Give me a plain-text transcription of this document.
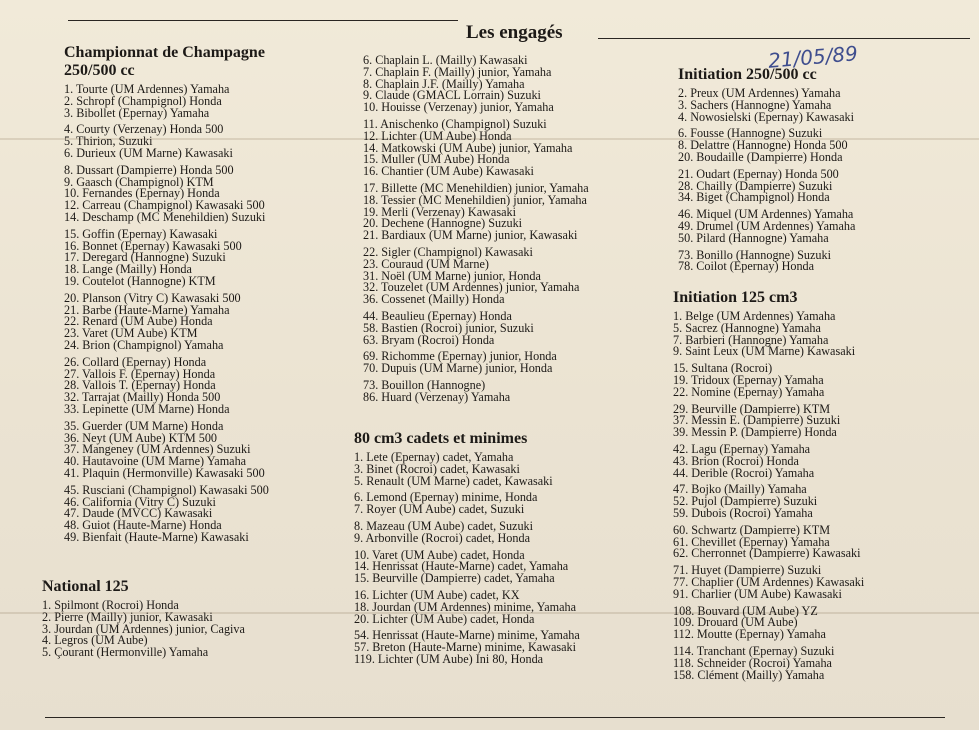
Les engagés
21/05/89
Championnat de Champagne
250/500 cc
1. Tourte (UM Ardennes) Yamaha
2. Schropf (Champignol) Honda
3. Bibollet (Epernay) Yamaha
4. Courty (Verzenay) Honda 500
5. Thirion, Suzuki
6. Durieux (UM Marne) Kawasaki
8. Dussart (Dampierre) Honda 500
9. Gaasch (Champignol) KTM
10. Fernandes (Epernay) Honda
12. Carreau (Champignol) Kawasaki 500
14. Deschamp (MC Menehildien) Suzuki
15. Goffin (Epernay) Kawasaki
16. Bonnet (Epernay) Kawasaki 500
17. Deregard (Hannogne) Suzuki
18. Lange (Mailly) Honda
19. Coutelot (Hannogne) KTM
20. Planson (Vitry C) Kawasaki 500
21. Barbe (Haute-Marne) Yamaha
22. Renard (UM Aube) Honda
23. Varet (UM Aube) KTM
24. Brion (Champignol) Yamaha
26. Collard (Epernay) Honda
27. Vallois F. (Epernay) Honda
28. Vallois T. (Epernay) Honda
32. Tarrajat (Mailly) Honda 500
33. Lepinette (UM Marne) Honda
35. Guerder (UM Marne) Honda
36. Neyt (UM Aube) KTM 500
37. Mangeney (UM Ardennes) Suzuki
40. Hautavoine (UM Marne) Yamaha
41. Plaquin (Hermonville) Kawasaki 500
45. Rusciani (Champignol) Kawasaki 500
46. California (Vitry C) Suzuki
47. Daude (MVCC) Kawasaki
48. Guiot (Haute-Marne) Honda
49. Bienfait (Haute-Marne) Kawasaki
National 125
1. Spilmont (Rocroi) Honda
2. Pierre (Mailly) junior, Kawasaki
3. Jourdan (UM Ardennes) junior, Cagiva
4. Legros (UM Aube)
5. Çourant (Hermonville) Yamaha
6. Chaplain L. (Mailly) Kawasaki
7. Chaplain F. (Mailly) junior, Yamaha
8. Chaplain J.F. (Mailly) Yamaha
9. Claude (GMACL Lorrain) Suzuki
10. Houisse (Verzenay) junior, Yamaha
11. Anischenko (Champignol) Suzuki
12. Lichter (UM Aube) Honda
14. Matkowski (UM Aube) junior, Yamaha
15. Muller (UM Aube) Honda
16. Chantier (UM Aube) Kawasaki
17. Billette (MC Menehildien) junior, Yamaha
18. Tessier (MC Menehildien) junior, Yamaha
19. Merli (Verzenay) Kawasaki
20. Dechene (Hannogne) Suzuki
21. Bardiaux (UM Marne) junior, Kawasaki
22. Sigler (Champignol) Kawasaki
23. Couraud (UM Marne)
31. Noël (UM Marne) junior, Honda
32. Touzelet (UM Ardennes) junior, Yamaha
36. Cossenet (Mailly) Honda
44. Beaulieu (Epernay) Honda
58. Bastien (Rocroi) junior, Suzuki
63. Bryam (Rocroi) Honda
69. Richomme (Epernay) junior, Honda
70. Dupuis (UM Marne) junior, Honda
73. Bouillon (Hannogne)
86. Huard (Verzenay) Yamaha
80 cm3 cadets et minimes
1. Lete (Epernay) cadet, Yamaha
3. Binet (Rocroi) cadet, Kawasaki
5. Renault (UM Marne) cadet, Kawasaki
6. Lemond (Epernay) minime, Honda
7. Royer (UM Aube) cadet, Suzuki
8. Mazeau (UM Aube) cadet, Suzuki
9. Arbonville (Rocroi) cadet, Honda
10. Varet (UM Aube) cadet, Honda
14. Henrissat (Haute-Marne) cadet, Yamaha
15. Beurville (Dampierre) cadet, Yamaha
16. Lichter (UM Aube) cadet, KX
18. Jourdan (UM Ardennes) minime, Yamaha
20. Lichter (UM Aube) cadet, Honda
54. Henrissat (Haute-Marne) minime, Yamaha
57. Breton (Haute-Marne) minime, Kawasaki
119. Lichter (UM Aube) Ini 80, Honda
Initiation 250/500 cc
2. Preux (UM Ardennes) Yamaha
3. Sachers (Hannogne) Yamaha
4. Nowosielski (Epernay) Kawasaki
6. Fousse (Hannogne) Suzuki
8. Delattre (Hannogne) Honda 500
20. Boudaille (Dampierre) Honda
21. Oudart (Epernay) Honda 500
28. Chailly (Dampierre) Suzuki
34. Biget (Champignol) Honda
46. Miquel (UM Ardennes) Yamaha
49. Drumel (UM Ardennes) Yamaha
50. Pilard (Hannogne) Yamaha
73. Bonillo (Hannogne) Suzuki
78. Coilot (Epernay) Honda
Initiation 125 cm3
1. Belge (UM Ardennes) Yamaha
5. Sacrez (Hannogne) Yamaha
7. Barbieri (Hannogne) Yamaha
9. Saint Leux (UM Marne) Kawasaki
15. Sultana (Rocroi)
19. Tridoux (Epernay) Yamaha
22. Nomine (Epernay) Yamaha
29. Beurville (Dampierre) KTM
37. Messin E. (Dampierre) Suzuki
39. Messin P. (Dampierre) Honda
42. Lagu (Epernay) Yamaha
43. Brion (Rocroi) Honda
44. Derible (Rocroi) Yamaha
47. Bojko (Mailly) Yamaha
52. Pujol (Dampierre) Suzuki
59. Dubois (Rocroi) Yamaha
60. Schwartz (Dampierre) KTM
61. Chevillet (Epernay) Yamaha
62. Cherronnet (Dampierre) Kawasaki
71. Huyet (Dampierre) Suzuki
77. Chaplier (UM Ardennes) Kawasaki
91. Charlier (UM Aube) Kawasaki
108. Bouvard (UM Aube) YZ
109. Drouard (UM Aube)
112. Moutte (Epernay) Yamaha
114. Tranchant (Epernay) Suzuki
118. Schneider (Rocroi) Yamaha
158. Clément (Mailly) Yamaha
